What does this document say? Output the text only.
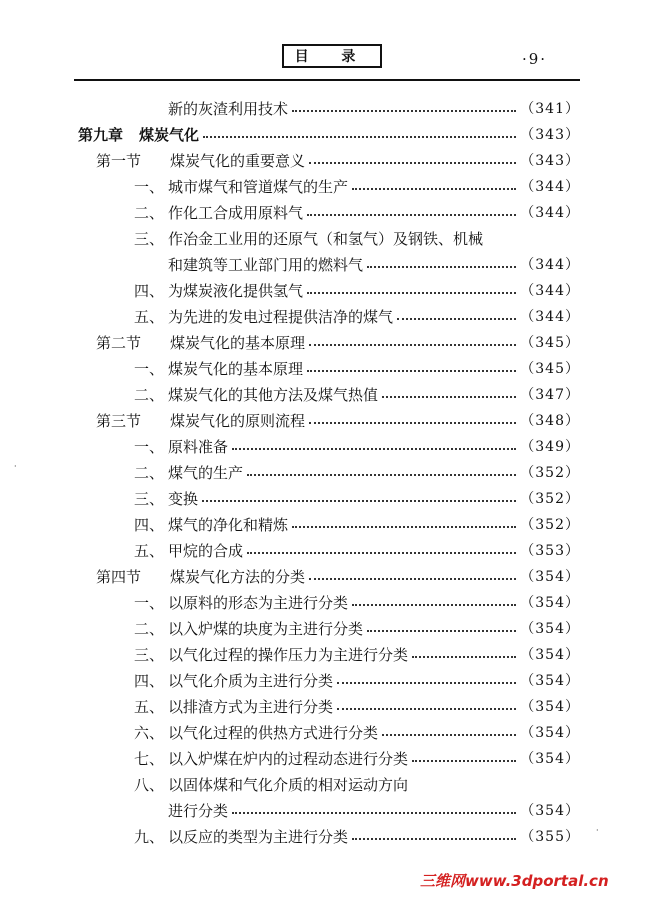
目 录	·9·
新的灰渣利用技术	（341）
第九章 煤炭气化	（343）
第一节	煤炭气化的重要意义	（343）
一、 城市煤气和管道煤气的生产	（344）
二、 作化工合成用原料气	（344）
三、 作冶金工业用的还原气（和氢气）及钢铁、机械
和建筑等工业部门用的燃料气	（344）
四、 为煤炭液化提供氢气	（344）
五、 为先进的发电过程提供洁净的煤气	（344）
第二节	煤炭气化的基本原理	（345）
一、 煤炭气化的基本原理	（345）
二、 煤炭气化的其他方法及煤气热值	（347）
第三节	煤炭气化的原则流程	（348）
一、 原料准备	（349）
二、 煤气的生产	（352）
三、 变换	（352）
四、 煤气的净化和精炼	（352）
五、 甲烷的合成	（353）
第四节	煤炭气化方法的分类	（354）
一、 以原料的形态为主进行分类	（354）
二、 以入炉煤的块度为主进行分类	（354）
三、 以气化过程的操作压力为主进行分类	（354）
四、 以气化介质为主进行分类	（354）
五、 以排渣方式为主进行分类	（354）
六、 以气化过程的供热方式进行分类	（354）
七、 以入炉煤在炉内的过程动态进行分类	（354）
八、 以固体煤和气化介质的相对运动方向
进行分类	（354）
九、 以反应的类型为主进行分类	（355）
·
·
三维网www.3dportal.cn
